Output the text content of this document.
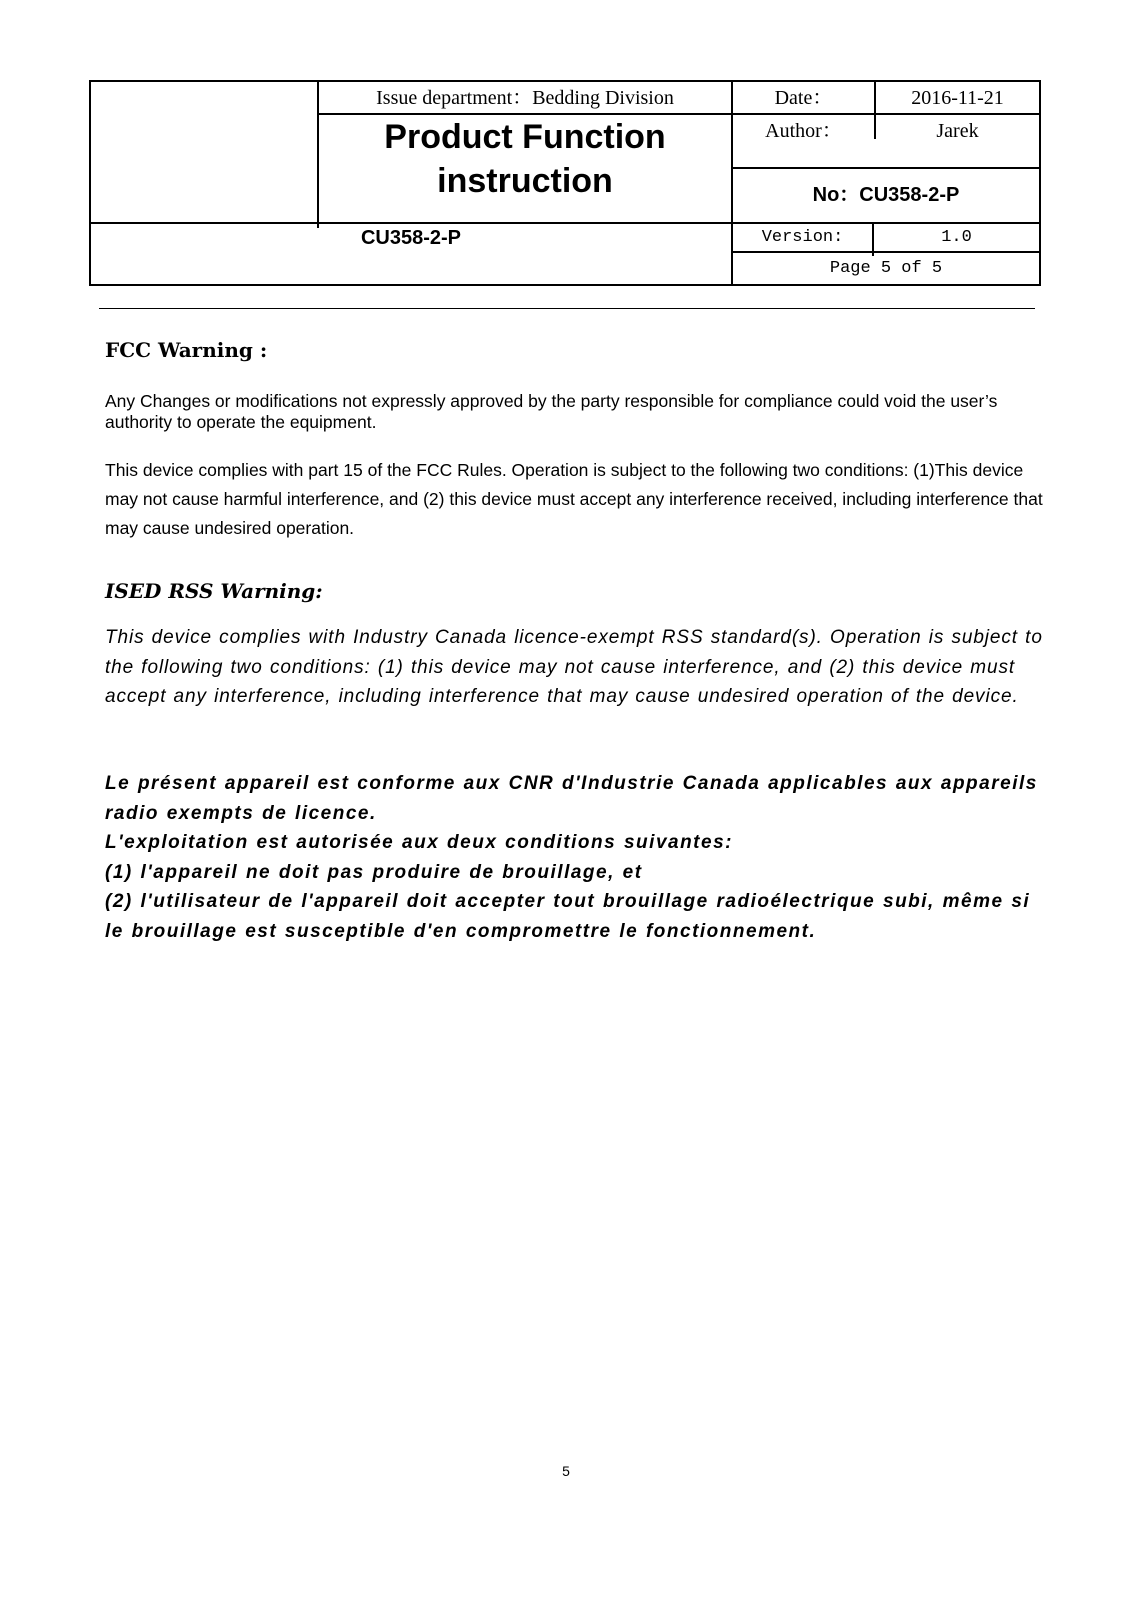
Issue department：Bedding Division	Date：	2016-11-21
Product Function
instruction
Author：	Jarek
No：CU358-2-P
CU358-2-P	Version:	1.0
Page 5 of 5
FCC Warning :
Any Changes or modifications not expressly approved by the party responsible for compliance could void the user’s authority to operate the equipment.
This device complies with part 15 of the FCC Rules. Operation is subject to the following two conditions: (1)This device may not cause harmful interference, and (2) this device must accept any interference received, including interference that may cause undesired operation.
ISED RSS Warning:
This device complies with Industry Canada licence-exempt RSS standard(s). Operation is subject to the following two conditions: (1) this device may not cause interference, and (2) this device must accept any interference, including interference that may cause undesired operation of the device.
Le présent appareil est conforme aux CNR d'Industrie Canada applicables aux appareils radio exempts de licence.
L'exploitation est autorisée aux deux conditions suivantes:
(1) l'appareil ne doit pas produire de brouillage, et
(2) l'utilisateur de l'appareil doit accepter tout brouillage radioélectrique subi, même si le brouillage est susceptible d'en compromettre le fonctionnement.
5
